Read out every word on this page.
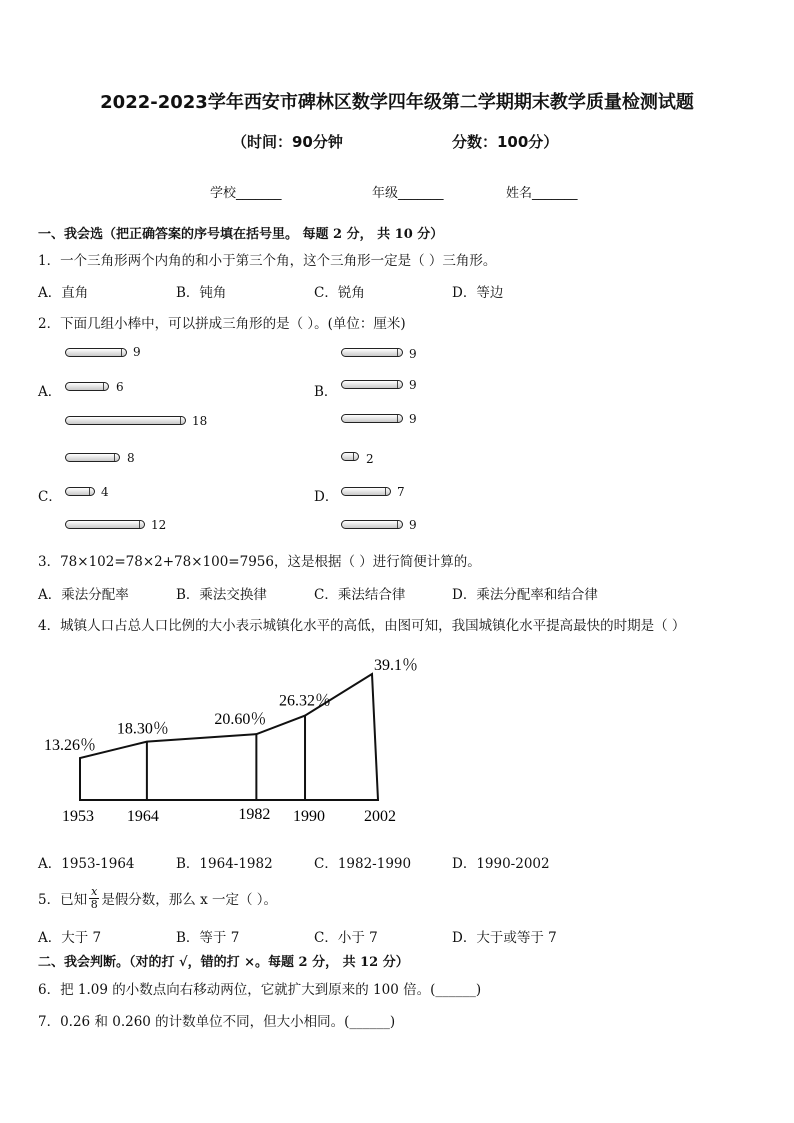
2022-2023学年西安市碑林区数学四年级第二学期期末教学质量检测试题
（时间：90分钟	分数：100分）
学校_______	年级_______	姓名_______
一、我会选（把正确答案的序号填在括号里。 每题 2 分， 共 10 分）
1．一个三角形两个内角的和小于第三个角，这个三角形一定是（ ）三角形。
A．直角	B．钝角	C．锐角	D．等边
2．下面几组小棒中，可以拼成三角形的是（ ）。(单位：厘米)
A．
9
6
18
B．
9
9
9
C．
8
4
12
D．
2
7
9
3．78×102=78×2+78×100=7956，这是根据（ ）进行简便计算的。
A．乘法分配率	B．乘法交换律	C．乘法结合律	D．乘法分配率和结合律
4．城镇人口占总人口比例的大小表示城镇化水平的高低，由图可知，我国城镇化水平提高最快的时期是（ ）
13.26％
18.30％
20.60％
26.32％
39.1％
1953 1964	1982 1990 2002
A．1953-1964	B．1964-1982	C．1982-1990	D．1990-2002
5．已知 $\frac{x}{8}$ 是假分数，那么 x 一定（ ）。
A．大于 7	B．等于 7	C．小于 7	D．大于或等于 7
二、我会判断。（对的打 √，错的打 ×。每题 2 分， 共 12 分）
6．把 1.09 的小数点向右移动两位，它就扩大到原来的 100 倍。(______)
7．0.26 和 0.260 的计数单位不同，但大小相同。(______)
